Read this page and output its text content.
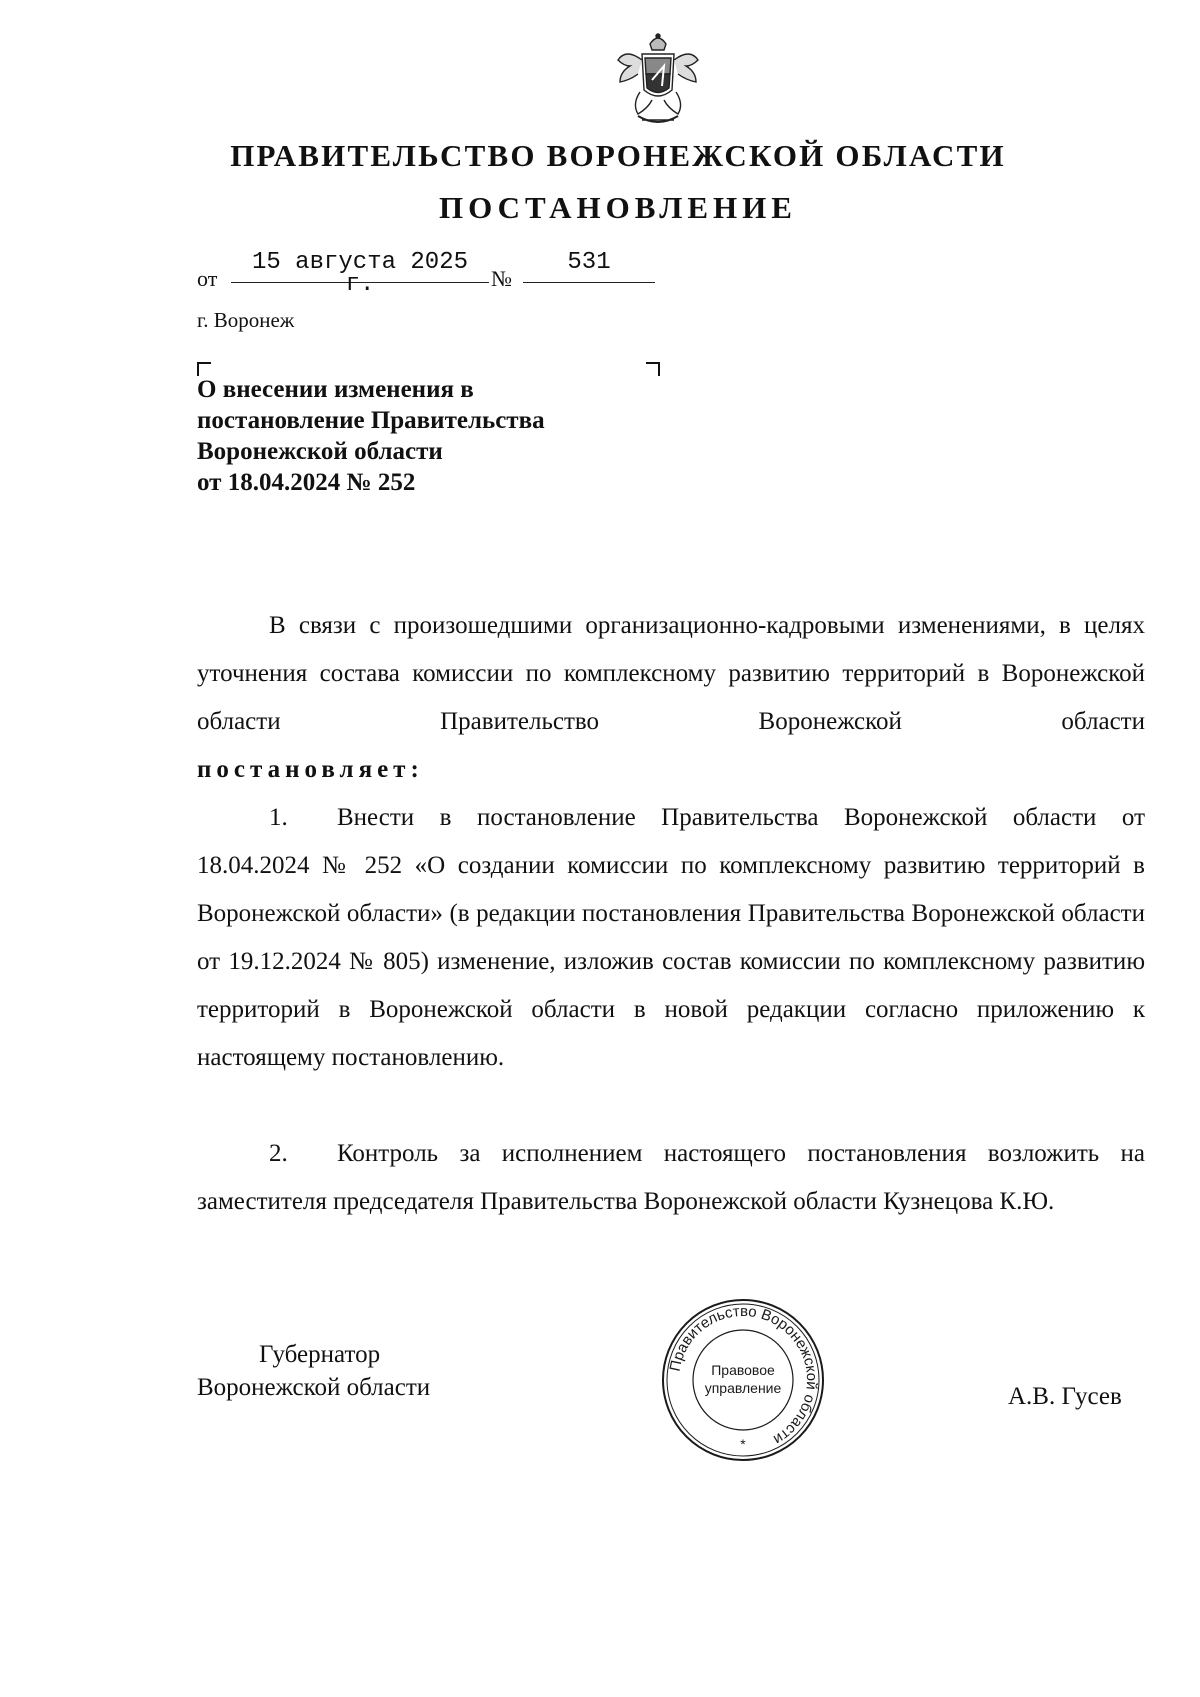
ПРАВИТЕЛЬСТВО ВОРОНЕЖСКОЙ ОБЛАСТИ
ПОСТАНОВЛЕНИЕ
от
15 августа 2025 г.	№
531
г. Воронеж
О внесении изменения в
постановление Правительства
Воронежской области
от 18.04.2024 № 252

В связи с произошедшими организационно-кадровыми изменениями, в целях уточнения состава комиссии по комплексному развитию территорий в Воронежской области Правительство Воронежской области

постановляет:

1. Внести в постановление Правительства Воронежской области от 18.04.2024 № 252 «О создании комиссии по комплексному развитию территорий в Воронежской области» (в редакции постановления Правительства Воронежской области от 19.12.2024 № 805) изменение, изложив состав комиссии по комплексному развитию территорий в Воронежской области в новой редакции согласно приложению к настоящему постановлению.

2. Контроль за исполнением настоящего постановления возложить на заместителя председателя Правительства Воронежской области Кузнецова К.Ю.

Губернатор
Воронежской области
Правительство Воронежской области
Правовое
управление
*
А.В. Гусев
